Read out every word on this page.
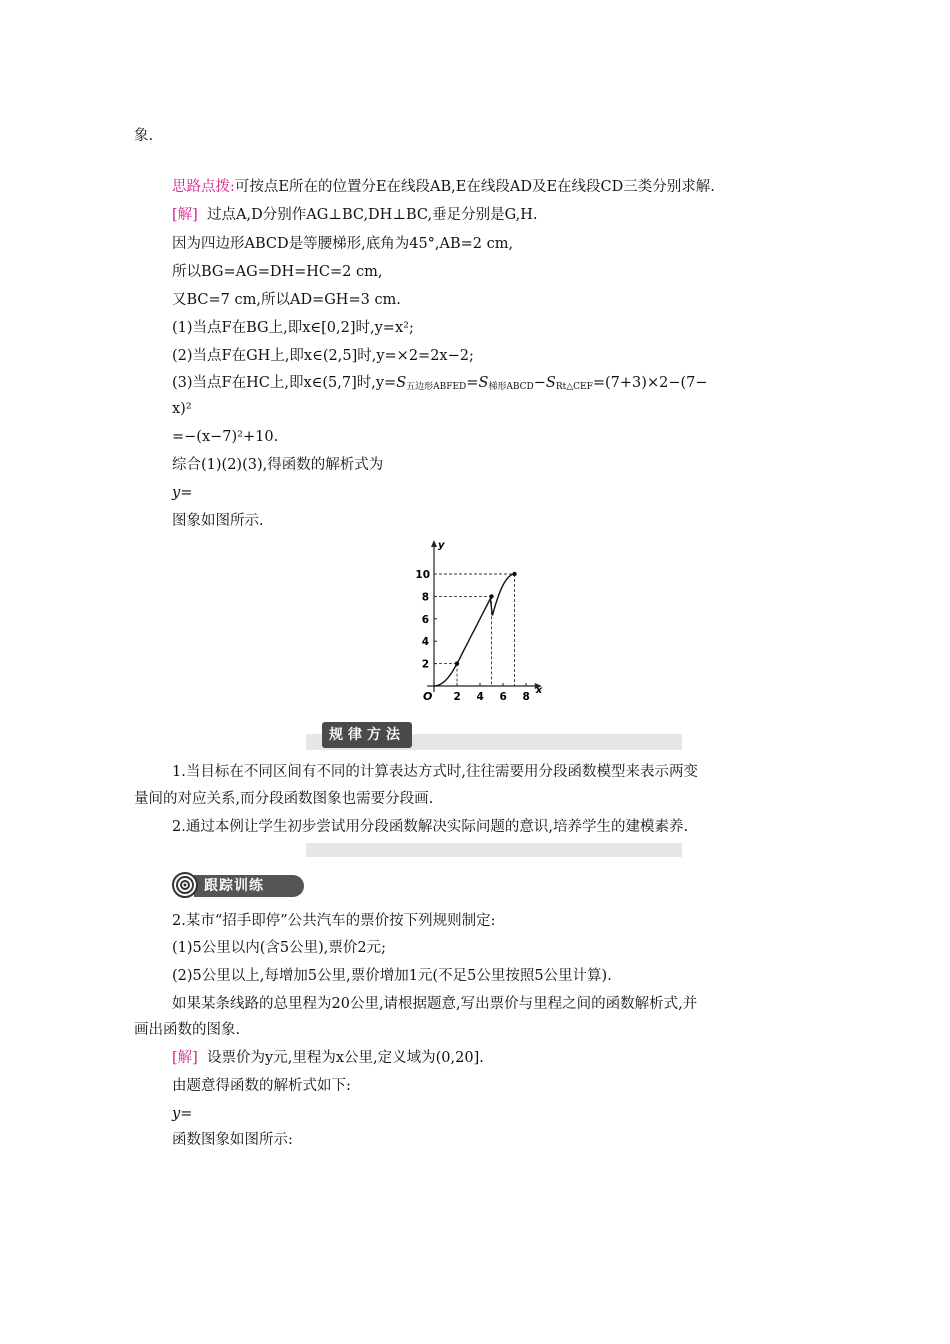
象.
思路点拨:可按点E所在的位置分E在线段AB,E在线段AD及E在线段CD三类分别求解.
[解] 过点A,D分别作AG⊥BC,DH⊥BC,垂足分别是G,H.
因为四边形ABCD是等腰梯形,底角为45°,AB=2 cm,
所以BG=AG=DH=HC=2 cm,
又BC=7 cm,所以AD=GH=3 cm.
(1)当点F在BG上,即x∈[0,2]时,y=x²;
(2)当点F在GH上,即x∈(2,5]时,y=×2=2x−2;
(3)当点F在HC上,即x∈(5,7]时$,y=S_{五边形ABFED}=S_{梯形ABCD}-S_{Rt\triangle CEF}=(7+3)\times 2-(7-$
x)²
=−(x−7)²+10.
综合(1)(2)(3),得函数的解析式为
y=
图象如图所示.
x
y
O 2 4 6 8
2
4
6
8
10
规律方法
1.当目标在不同区间有不同的计算表达方式时,往往需要用分段函数模型来表示两变
量间的对应关系,而分段函数图象也需要分段画.
2.通过本例让学生初步尝试用分段函数解决实际问题的意识,培养学生的建模素养.
跟踪训练
2.某市“招手即停”公共汽车的票价按下列规则制定:
(1)5公里以内(含5公里),票价2元;
(2)5公里以上,每增加5公里,票价增加1元(不足5公里按照5公里计算).
如果某条线路的总里程为20公里,请根据题意,写出票价与里程之间的函数解析式,并
画出函数的图象.
[解] 设票价为y元,里程为x公里,定义域为(0,20].
由题意得函数的解析式如下:
y=
函数图象如图所示:
